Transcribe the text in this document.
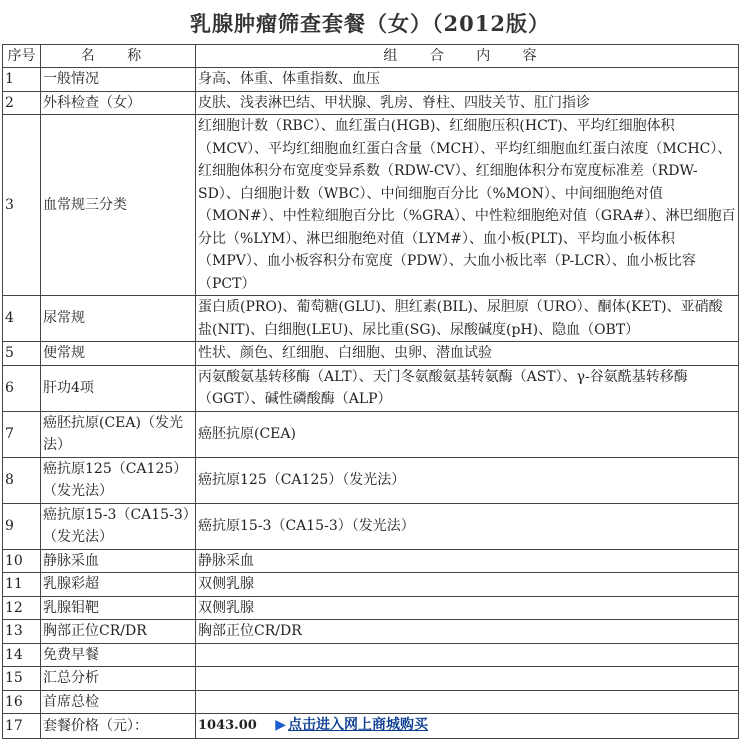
乳腺肿瘤筛查套餐（女）（2012版）
序号	名 称	组 合 内 容
1	一般情况	身高、体重、体重指数、血压
2	外科检查（女）	皮肤、浅表淋巴结、甲状腺、乳房、脊柱、四肢关节、肛门指诊
3	血常规三分类	红细胞计数（RBC）、血红蛋白(HGB)、红细胞压积(HCT)、平均红细胞体积（MCV）、平均红细胞血红蛋白含量（MCH）、平均红细胞血红蛋白浓度（MCHC）、红细胞体积分布宽度变异系数（RDW-CV）、红细胞体积分布宽度标准差（RDW-SD）、白细胞计数（WBC）、中间细胞百分比（%MON）、中间细胞绝对值（MON#）、中性粒细胞百分比（%GRA）、中性粒细胞绝对值（GRA#）、淋巴细胞百分比（%LYM）、淋巴细胞绝对值（LYM#）、血小板(PLT)、平均血小板体积（MPV）、血小板容积分布宽度（PDW）、大血小板比率（P-LCR）、血小板比容（PCT）
4	尿常规	蛋白质(PRO)、葡萄糖(GLU)、胆红素(BIL)、尿胆原（URO）、酮体(KET)、亚硝酸盐(NIT)、白细胞(LEU)、尿比重(SG)、尿酸碱度(pH)、隐血（OBT）
5	便常规	性状、颜色、红细胞、白细胞、虫卵、潜血试验
6	肝功4项	丙氨酸氨基转移酶（ALT）、天门冬氨酸氨基转氨酶（AST）、γ-谷氨酰基转移酶（GGT）、碱性磷酸酶（ALP）
7	癌胚抗原(CEA)（发光法）	癌胚抗原(CEA)
8	癌抗原125（CA125）（发光法）	癌抗原125（CA125）（发光法）
9	癌抗原15-3（CA15-3）（发光法）	癌抗原15-3（CA15-3）（发光法）
10	静脉采血	静脉采血
11	乳腺彩超	双侧乳腺
12	乳腺钼靶	双侧乳腺
13	胸部正位CR/DR	胸部正位CR/DR
14	免费早餐	
15	汇总分析	
16	首席总检	
17	套餐价格（元）：	1043.00 ▶ 点击进入网上商城购买
